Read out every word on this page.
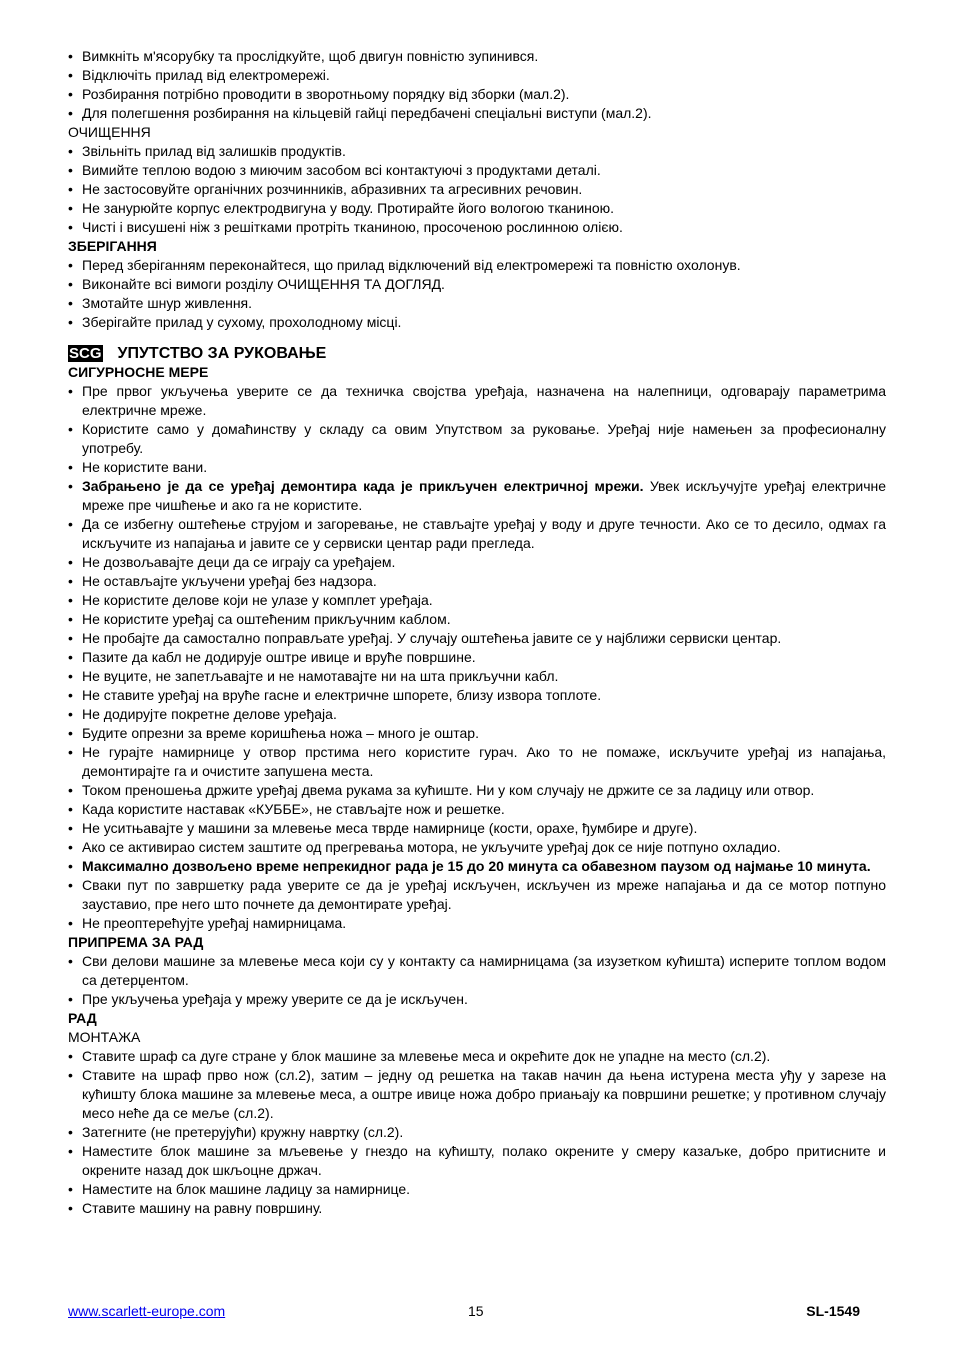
• Вимкніть м'ясорубку та прослідкуйте, щоб двигун повністю зупинився.
• Відключіть прилад від електромережі.
• Розбирання потрібно проводити в зворотньому порядку від зборки (мал.2).
• Для полегшення розбирання на кільцевій гайці передбачені спеціальні виступи (мал.2).
ОЧИЩЕННЯ
• Звільніть прилад від залишків продуктів.
• Вимийте теплою водою з миючим засобом всі контактуючі з продуктами деталі.
• Не застосовуйте органічних розчинників, абразивних та агресивних речовин.
• Не занурюйте корпус електродвигуна у воду. Протирайте його вологою тканиною.
• Чисті і висушені ніж з решітками протріть тканиною, просоченою рослинною олією.
ЗБЕРІГАННЯ
• Перед зберіганням переконайтеся, що прилад відключений від електромережі та повністю охолонув.
• Виконайте всі вимоги розділу ОЧИЩЕННЯ ТА ДОГЛЯД.
• Змотайте шнур живлення.
• Зберігайте прилад у сухому, прохолодному місці.
SCG УПУТСТВО ЗА РУКОВАЊЕ
СИГУРНОСНЕ МЕРЕ
• Пре првог укључења уверите се да техничка својства уређаја, назначена на налепници, одговарају параметрима електричне мреже.
• Користите само у домаћинству у складу са овим Упутством за руковање. Уређај није намењен за професионалну употребу.
• Не користите вани.
• Забрањено је да се уређај демонтира када је прикључен електричној мрежи. Увек искључујте уређај електричне мреже пре чишћење и ако га не користите.
• Да се избегну оштећење струјом и загоревање, не стављајте уређај у воду и друге течности. Ако се то десило, одмах га искључите из напајања и јавите се у сервиски центар ради прегледа.
• Не дозвољавајте деци да се играју са уређајем.
• Не остављајте укључени уређај без надзора.
• Не користите делове који не улазе у комплет уређаја.
• Не користите уређај са оштећеним прикључним каблом.
• Не пробајте да самостално поправљате уређај. У случају оштећења јавите се у најближи сервиски центар.
• Пазите да кабл не додирује оштре ивице и вруће површине.
• Не вуците, не запетљавајте и не намотавајте ни на шта прикључни кабл.
• Не ставите уређај на вруће гасне и електричне шпорете, близу извора топлоте.
• Не додирујте покретне делове уређаја.
• Будите опрезни за време коришћења ножа – много је оштар.
• Не гурајте намирнице у отвор прстима него користите гурач. Ако то не помаже, искључите уређај из напајања, демонтирајте га и очистите запушена места.
• Током преношења држите уређај двема рукама за кућиште. Ни у ком случају не држите се за ладицу или отвор.
• Када користите наставак «КУББЕ», не стављајте нож и решетке.
• Не уситњавајте у машини за млевење меса тврде намирнице (кости, орахе, ђумбире и друге).
• Ако се активирао систем заштите од прегревања мотора, не укључите уређај док се није потпуно охладио.
• Максимално дозвољено време непрекидног рада је 15 до 20 минута са обавезном паузом од најмање 10 минута.
• Сваки пут по завршетку рада уверите се да је уређај искључен, искључен из мреже напајања и да се мотор потпуно зауставио, пре него што почнете да демонтирате уређај.
• Не преоптерећујте уређај намирницама.
ПРИПРЕМА ЗА РАД
• Сви делови машине за млевење меса који су у контакту са намирницама (за изузетком кућишта) исперите топлом водом са детерџентом.
• Пре укључења уређаја у мрежу уверите се да је искључен.
РАД
МОНТАЖА
• Ставите шраф са дуге стране у блок машине за млевење меса и окрећите док не упадне на место (сл.2).
• Ставите на шраф прво нож (сл.2), затим – једну од решетка на такав начин да њена истурена места уђу у зарезе на кућишту блока машине за млевење меса, а оштре ивице ножа добро приањају ка површини решетке; у противном случају месо неће да се меље (сл.2).
• Затегните (не претерујући) кружну навртку (сл.2).
• Наместите блок машине за мљевење у гнездо на кућишту, полако окрените у смеру казаљке, добро притисните и окрените назад док шкљоцне држач.
• Наместите на блок машине ладицу за намирнице.
• Ставите машину на равну површину.
www.scarlett-europe.com	15	SL-1549
